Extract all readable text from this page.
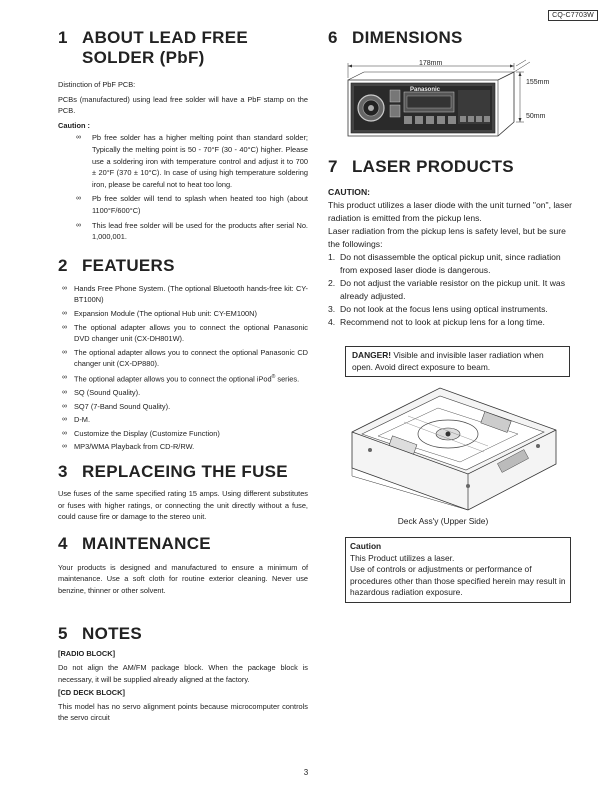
CQ-C7703W
1 ABOUT LEAD FREE
SOLDER (PbF)

Distinction of PbF PCB:

PCBs (manufactured) using lead free solder will have a PbF stamp on the PCB.

Caution :

∞ Pb free solder has a higher melting point than standard solder; Typically the melting point is 50 - 70°F (30 - 40°C) higher. Please use a soldering iron with temperature control and adjust it to 700 ± 20°F (370 ± 10°C). In case of using high temperature soldering iron, please be careful not to heat too long.
∞ Pb free solder will tend to splash when heated too high (about 1100°F/600°C)
∞ This lead free solder will be used for the products after serial No. 1,000,001.
2 FEATUERS
∞ Hands Free Phone System. (The optional Bluetooth hands-free kit: CY-BT100N)
∞ Expansion Module (The optional Hub unit: CY-EM100N)
∞ The optional adapter allows you to connect the optional Panasonic DVD changer unit (CX-DH801W).
∞ The optional adapter allows you to connect the optional Panasonic CD changer unit (CX-DP880).
∞ The optional adapter allows you to connect the optional iPod® series.
∞ SQ (Sound Quality).
∞ SQ7 (7-Band Sound Quality).
∞ D-M.
∞ Customize the Display (Customize Function)
∞ MP3/WMA Playback from CD-R/RW.
3 REPLACEING THE FUSE

Use fuses of the same specified rating 15 amps. Using different substitutes or fuses with higher ratings, or connecting the unit directly without a fuse, could cause fire or damage to the stereo unit.

4 MAINTENANCE

Your products is designed and manufactured to ensure a minimum of maintenance. Use a soft cloth for routine exterior cleaning. Never use benzine, thinner or other solvent.

5 NOTES

[RADIO BLOCK]

Do not align the AM/FM package block. When the package block is necessary, it will be supplied already aligned at the factory.

[CD DECK BLOCK]

This model has no servo alignment points because microcomputer controls the servo circuit

6 DIMENSIONS
Panasonic
178mm
155mm
50mm
7 LASER PRODUCTS

CAUTION:

This product utilizes a laser diode with the unit turned "on", laser radiation is emitted from the pickup lens.

Laser radiation from the pickup lens is safety level, but be sure the followings:

1. Do not disassemble the optical pickup unit, since radiation from exposed laser diode is dangerous.
2. Do not adjust the variable resistor on the pickup unit. It was already adjusted.
3. Do not look at the focus lens using optical instruments.
4. Recommend not to look at pickup lens for a long time.
DANGER! Visible and invisible laser radiation when open. Avoid direct exposure to beam.
Deck Ass'y (Upper Side)
Caution
This Product utilizes a laser.
Use of controls or adjustments or performance of procedures other than those specified herein may result in hazardous radiation exposure.
3
